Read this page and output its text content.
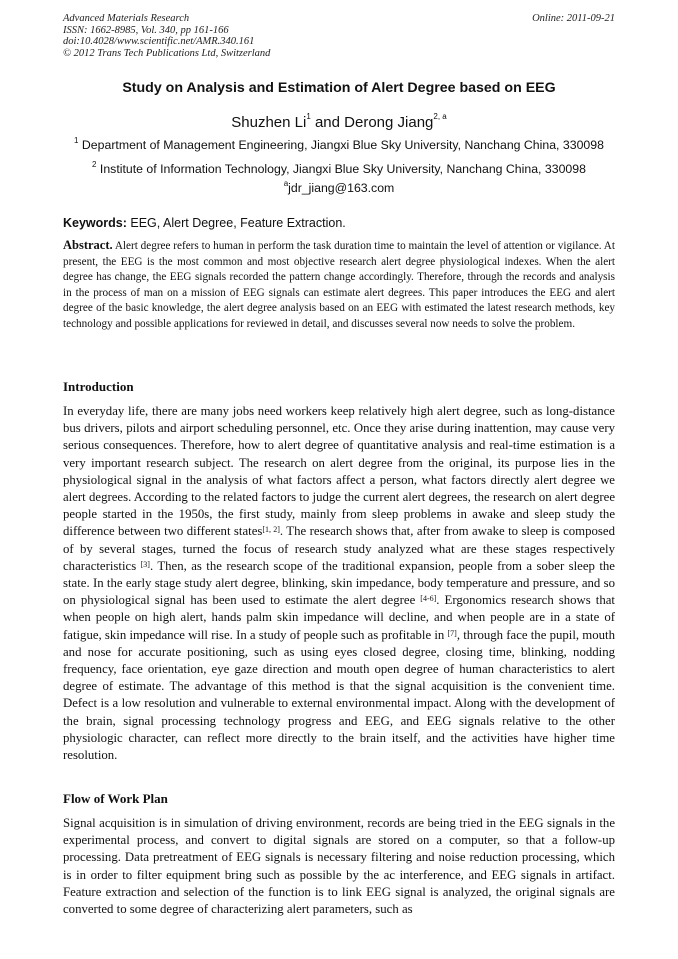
Advanced Materials Research
ISSN: 1662-8985, Vol. 340, pp 161-166
doi:10.4028/www.scientific.net/AMR.340.161
© 2012 Trans Tech Publications Ltd, Switzerland
Online: 2011-09-21
Study on Analysis and Estimation of Alert Degree based on EEG
Shuzhen Li$^1$ and Derong Jiang$^{2, a}$
$^1$ Department of Management Engineering, Jiangxi Blue Sky University, Nanchang China, 330098
$^2$ Institute of Information Technology, Jiangxi Blue Sky University, Nanchang China, 330098
$^a$jdr_jiang@163.com
Keywords: EEG, Alert Degree, Feature Extraction.
Abstract. Alert degree refers to human in perform the task duration time to maintain the level of attention or vigilance. At present, the EEG is the most common and most objective research alert degree physiological indexes. When the alert degree has change, the EEG signals recorded the pattern change accordingly. Therefore, through the records and analysis in the process of man on a mission of EEG signals can estimate alert degrees. This paper introduces the EEG and alert degree of the basic knowledge, the alert degree analysis based on an EEG with estimated the latest research methods, key technology and possible applications for reviewed in detail, and discusses several now needs to solve the problem.
Introduction
In everyday life, there are many jobs need workers keep relatively high alert degree, such as long-distance bus drivers, pilots and airport scheduling personnel, etc. Once they arise during inattention, may cause very serious consequences. Therefore, how to alert degree of quantitative analysis and real-time estimation is a very important research subject. The research on alert degree from the original, its purpose lies in the physiological signal in the analysis of what factors affect a person, what factors directly alert degree we alert degrees. According to the related factors to judge the current alert degrees, the research on alert degree people started in the 1950s, the first study, mainly from sleep problems in awake and sleep study the difference between two different states[1, 2]. The research shows that, after from awake to sleep is composed of by several stages, turned the focus of research study analyzed what are these stages respectively characteristics [3]. Then, as the research scope of the traditional expansion, people from a sober sleep the state. In the early stage study alert degree, blinking, skin impedance, body temperature and pressure, and so on physiological signal has been used to estimate the alert degree [4-6]. Ergonomics research shows that when people on high alert, hands palm skin impedance will decline, and when people are in a state of fatigue, skin impedance will rise. In a study of people such as profitable in [7], through face the pupil, mouth and nose for accurate positioning, such as using eyes closed degree, closing time, blinking, nodding frequency, face orientation, eye gaze direction and mouth open degree of human characteristics to alert degree of estimate. The advantage of this method is that the signal acquisition is the convenient time. Defect is a low resolution and vulnerable to external environmental impact. Along with the development of the brain, signal processing technology progress and EEG, and EEG signals relative to the other physiologic character, can reflect more directly to the brain itself, and the activities have higher time resolution.
Flow of Work Plan
Signal acquisition is in simulation of driving environment, records are being tried in the EEG signals in the experimental process, and convert to digital signals are stored on a computer, so that a follow-up processing. Data pretreatment of EEG signals is necessary filtering and noise reduction processing, which is in order to filter equipment bring such as possible by the ac interference, and EEG signals in artifact. Feature extraction and selection of the function is to link EEG signal is analyzed, the original signals are converted to some degree of characterizing alert parameters, such as
